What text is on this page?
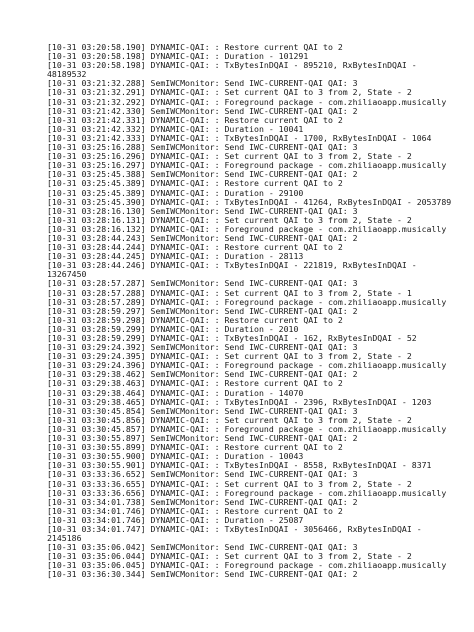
[10-31 03:20:58.190] DYNAMIC-QAI: : Restore current QAI to 2
[10-31 03:20:58.198] DYNAMIC-QAI: : Duration - 101291
[10-31 03:20:58.198] DYNAMIC-QAI: : TxBytesInDQAI - 895210, RxBytesInDQAI -
48189532
[10-31 03:21:32.288] SemIWCMonitor: Send IWC-CURRENT-QAI QAI: 3
[10-31 03:21:32.291] DYNAMIC-QAI: : Set current QAI to 3 from 2, State - 2
[10-31 03:21:32.292] DYNAMIC-QAI: : Foreground package - com.zhiliaoapp.musically
[10-31 03:21:42.330] SemIWCMonitor: Send IWC-CURRENT-QAI QAI: 2
[10-31 03:21:42.331] DYNAMIC-QAI: : Restore current QAI to 2
[10-31 03:21:42.332] DYNAMIC-QAI: : Duration - 10041
[10-31 03:21:42.333] DYNAMIC-QAI: : TxBytesInDQAI - 1700, RxBytesInDQAI - 1064
[10-31 03:25:16.288] SemIWCMonitor: Send IWC-CURRENT-QAI QAI: 3
[10-31 03:25:16.296] DYNAMIC-QAI: : Set current QAI to 3 from 2, State - 2
[10-31 03:25:16.297] DYNAMIC-QAI: : Foreground package - com.zhiliaoapp.musically
[10-31 03:25:45.388] SemIWCMonitor: Send IWC-CURRENT-QAI QAI: 2
[10-31 03:25:45.389] DYNAMIC-QAI: : Restore current QAI to 2
[10-31 03:25:45.389] DYNAMIC-QAI: : Duration - 29100
[10-31 03:25:45.390] DYNAMIC-QAI: : TxBytesInDQAI - 41264, RxBytesInDQAI - 2053789
[10-31 03:28:16.130] SemIWCMonitor: Send IWC-CURRENT-QAI QAI: 3
[10-31 03:28:16.131] DYNAMIC-QAI: : Set current QAI to 3 from 2, State - 2
[10-31 03:28:16.132] DYNAMIC-QAI: : Foreground package - com.zhiliaoapp.musically
[10-31 03:28:44.243] SemIWCMonitor: Send IWC-CURRENT-QAI QAI: 2
[10-31 03:28:44.244] DYNAMIC-QAI: : Restore current QAI to 2
[10-31 03:28:44.245] DYNAMIC-QAI: : Duration - 28113
[10-31 03:28:44.246] DYNAMIC-QAI: : TxBytesInDQAI - 221819, RxBytesInDQAI -
13267450
[10-31 03:28:57.287] SemIWCMonitor: Send IWC-CURRENT-QAI QAI: 3
[10-31 03:28:57.288] DYNAMIC-QAI: : Set current QAI to 3 from 2, State - 1
[10-31 03:28:57.289] DYNAMIC-QAI: : Foreground package - com.zhiliaoapp.musically
[10-31 03:28:59.297] SemIWCMonitor: Send IWC-CURRENT-QAI QAI: 2
[10-31 03:28:59.298] DYNAMIC-QAI: : Restore current QAI to 2
[10-31 03:28:59.299] DYNAMIC-QAI: : Duration - 2010
[10-31 03:28:59.299] DYNAMIC-QAI: : TxBytesInDQAI - 162, RxBytesInDQAI - 52
[10-31 03:29:24.392] SemIWCMonitor: Send IWC-CURRENT-QAI QAI: 3
[10-31 03:29:24.395] DYNAMIC-QAI: : Set current QAI to 3 from 2, State - 2
[10-31 03:29:24.396] DYNAMIC-QAI: : Foreground package - com.zhiliaoapp.musically
[10-31 03:29:38.462] SemIWCMonitor: Send IWC-CURRENT-QAI QAI: 2
[10-31 03:29:38.463] DYNAMIC-QAI: : Restore current QAI to 2
[10-31 03:29:38.464] DYNAMIC-QAI: : Duration - 14070
[10-31 03:29:38.465] DYNAMIC-QAI: : TxBytesInDQAI - 2396, RxBytesInDQAI - 1203
[10-31 03:30:45.854] SemIWCMonitor: Send IWC-CURRENT-QAI QAI: 3
[10-31 03:30:45.856] DYNAMIC-QAI: : Set current QAI to 3 from 2, State - 2
[10-31 03:30:45.857] DYNAMIC-QAI: : Foreground package - com.zhiliaoapp.musically
[10-31 03:30:55.897] SemIWCMonitor: Send IWC-CURRENT-QAI QAI: 2
[10-31 03:30:55.899] DYNAMIC-QAI: : Restore current QAI to 2
[10-31 03:30:55.900] DYNAMIC-QAI: : Duration - 10043
[10-31 03:30:55.901] DYNAMIC-QAI: : TxBytesInDQAI - 8558, RxBytesInDQAI - 8371
[10-31 03:33:36.652] SemIWCMonitor: Send IWC-CURRENT-QAI QAI: 3
[10-31 03:33:36.655] DYNAMIC-QAI: : Set current QAI to 3 from 2, State - 2
[10-31 03:33:36.656] DYNAMIC-QAI: : Foreground package - com.zhiliaoapp.musically
[10-31 03:34:01.738] SemIWCMonitor: Send IWC-CURRENT-QAI QAI: 2
[10-31 03:34:01.746] DYNAMIC-QAI: : Restore current QAI to 2
[10-31 03:34:01.746] DYNAMIC-QAI: : Duration - 25087
[10-31 03:34:01.747] DYNAMIC-QAI: : TxBytesInDQAI - 3056466, RxBytesInDQAI -
2145186
[10-31 03:35:06.042] SemIWCMonitor: Send IWC-CURRENT-QAI QAI: 3
[10-31 03:35:06.044] DYNAMIC-QAI: : Set current QAI to 3 from 2, State - 2
[10-31 03:35:06.045] DYNAMIC-QAI: : Foreground package - com.zhiliaoapp.musically
[10-31 03:36:30.344] SemIWCMonitor: Send IWC-CURRENT-QAI QAI: 2
